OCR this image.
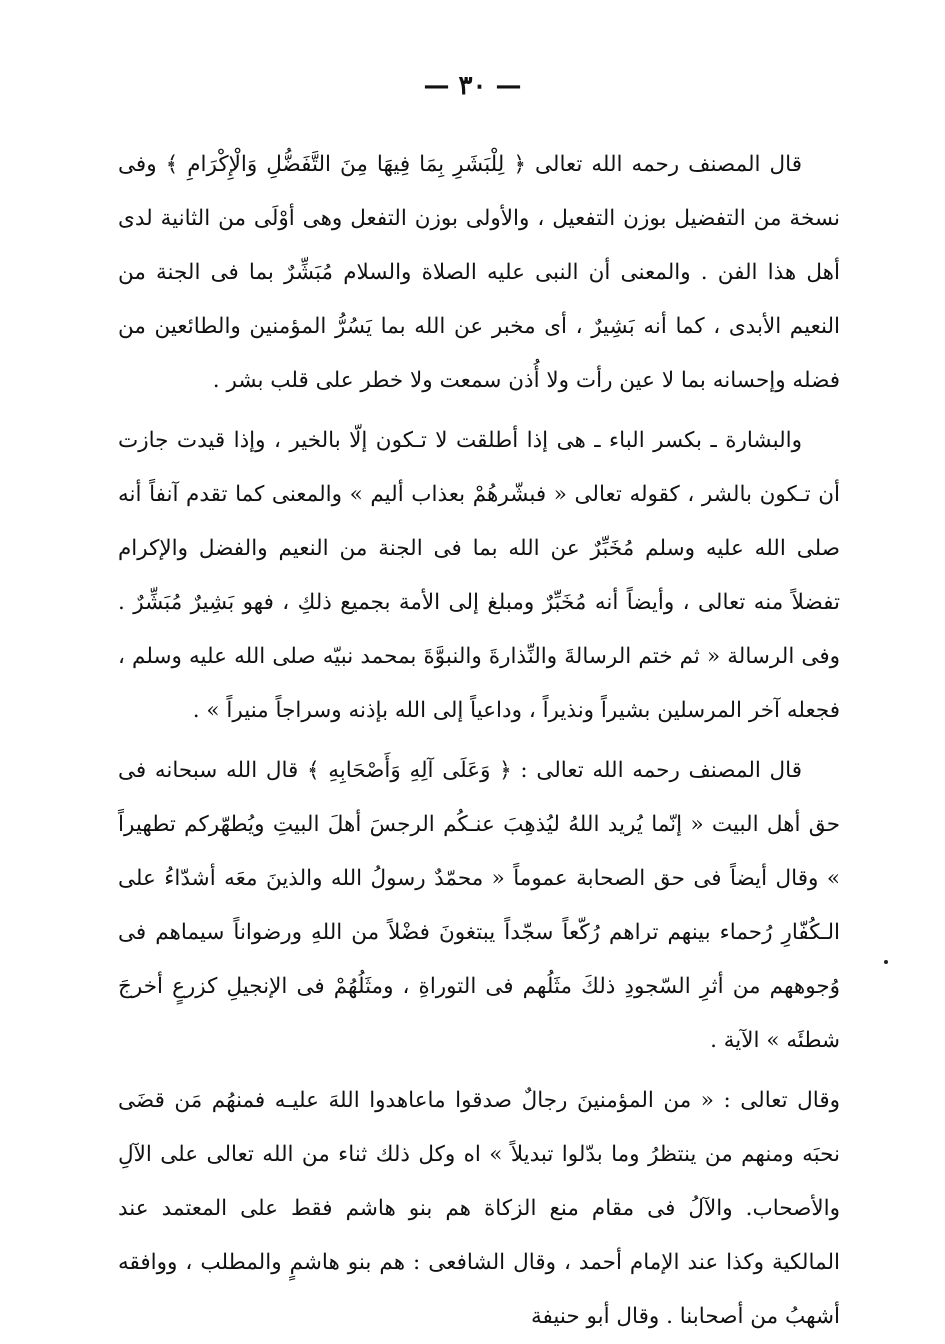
— ٣٠ —

قال المصنف رحمه الله تعالى ﴿ لِلْبَشَرِ بِمَا فِيهَا مِنَ التَّفَضُّلِ وَالْإِكْرَامِ ﴾ وفى نسخة من التفضيل بوزن التفعيل ، والأولى بوزن التفعل وهى أوْلَى من الثانية لدى أهل هذا الفن . والمعنى أن النبى عليه الصلاة والسلام مُبَشِّرٌ بما فى الجنة من النعيم الأبدى ، كما أنه بَشِيرٌ ، أى مخبر عن الله بما يَسُرُّ المؤمنين والطائعين من فضله وإحسانه بما لا عين رأت ولا أُذن سمعت ولا خطر على قلب بشر .

والبشارة ـ بكسر الباء ـ هى إذا أطلقت لا تـكون إلّا بالخير ، وإذا قيدت جازت أن تـكون بالشر ، كقوله تعالى « فبشّرهُمْ بعذاب أليم » والمعنى كما تقدم آنفاً أنه صلى الله عليه وسلم مُخَبِّرٌ عن الله بما فى الجنة من النعيم والفضل والإكرام تفضلاً منه تعالى ، وأيضاً أنه مُخَبِّرٌ ومبلغ إلى الأمة بجميع ذلكِ ، فهو بَشِيرٌ مُبَشِّرٌ . وفى الرسالة « ثم ختم الرسالةَ والنِّذارةَ والنبوَّةَ بمحمد نبيّه صلى الله عليه وسلم ، فجعله آخر المرسلين بشيراً ونذيراً ، وداعياً إلى الله بإذنه وسراجاً منيراً » .

قال المصنف رحمه الله تعالى : ﴿ وَعَلَى آلِهِ وَأَصْحَابِهِ ﴾ قال الله سبحانه فى حق أهل البيت « إنّما يُريد اللهُ ليُذهِبَ عنـكُم الرجسَ أهلَ البيتِ ويُطهّركم تطهيراً » وقال أيضاً فى حق الصحابة عموماً « محمّدٌ رسولُ الله والذينَ معَه أشدّاءُ على الـكُفّارِ رُحماء بينهم تراهم رُكّعاً سجّداً يبتغونَ فضْلاً من اللهِ ورضواناً سيماهم فى وُجوههم من أثرِ السّجودِ ذلكَ مثَلُهم فى التوراةِ ، ومثَلُهُمْ فى الإنجيلِ كزرعٍ أخرجَ شطئَه » الآية .

وقال تعالى : « من المؤمنينَ رجالٌ صدقوا ماعاهدوا اللهَ عليـه فمنهُم مَن قضَى نحبَه ومنهم من ينتظرُ وما بدّلوا تبديلاً » اه وكل ذلك ثناء من الله تعالى على الآلِ والأصحاب. والآلُ فى مقام منع الزكاة هم بنو هاشم فقط على المعتمد عند المالكية وكذا عند الإمام أحمد ، وقال الشافعى : هم بنو هاشمٍ والمطلب ، ووافقه أشهبُ من أصحابنا . وقال أبو حنيفة
